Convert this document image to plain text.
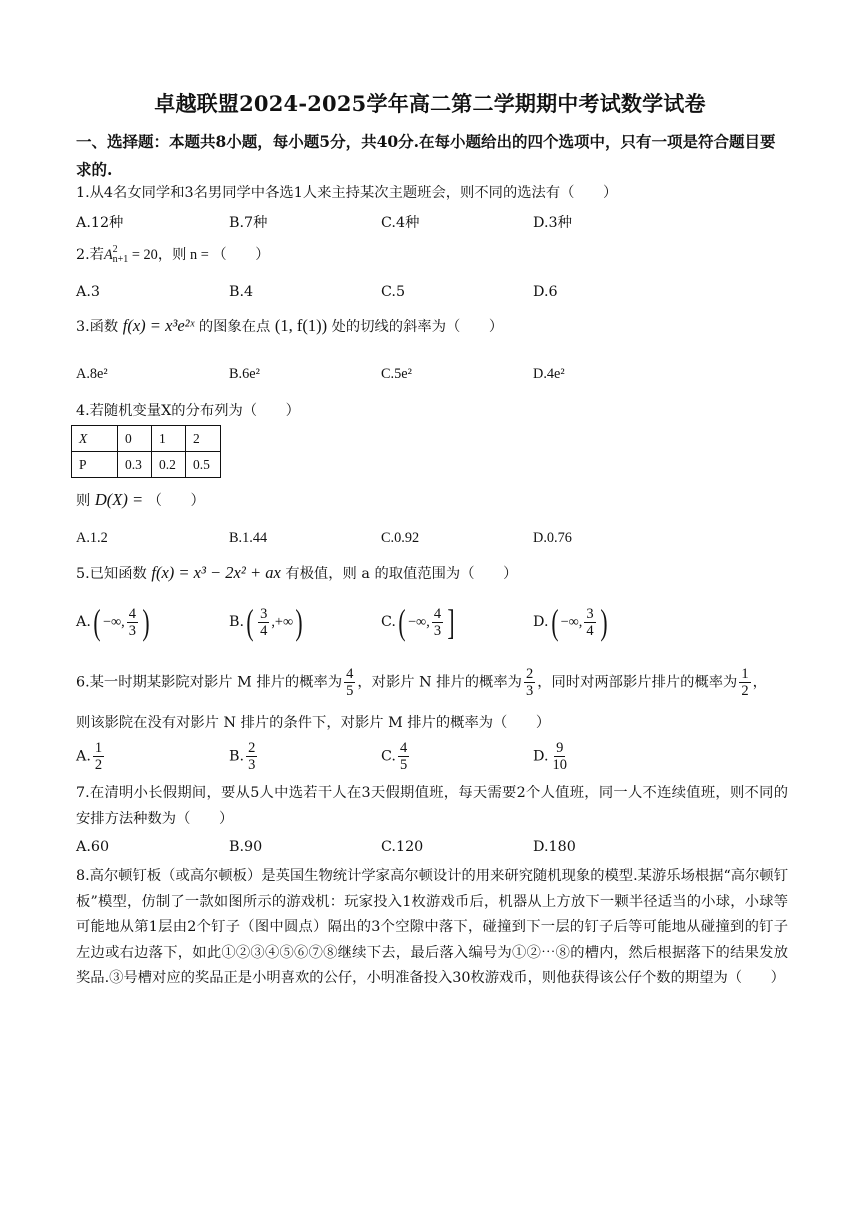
卓越联盟2024-2025学年高二第二学期期中考试数学试卷
一、选择题：本题共8小题，每小题5分，共40分.在每小题给出的四个选项中，只有一项是符合题目要求的.
1.从4名女同学和3名男同学中各选1人来主持某次主题班会，则不同的选法有（　　）
A.12种	B.7种	C.4种	D.3种
2.若A 2
n+1 = 20，则 n = （　　）
A.3	B.4	C.5	D.6
3.函数 f(x) = x³e²ˣ 的图象在点 (1, f(1)) 处的切线的斜率为（　　）
A.8e²	B.6e²	C.5e²	D.4e²
4.若随机变量X的分布列为（　　）
X	0	1	2
P	0.3	0.2	0.5
则 D(X) = （　　）
A.1.2	B.1.44	C.0.92	D.0.76
5.已知函数 f(x) = x³ − 2x² + ax 有极值，则 a 的取值范围为（　　）
A.( −∞, $\frac{4}{3}$ )	$B.( \frac{3}{4}$ ,+∞)	C.( −∞, $\frac{4}{3}$ ]	D.( −∞, $\frac{3}{4}$ )
6.某一时期某影院对影片 M 排片的概率为 $\frac{4}{5}$ ，对影片 N 排片的概率为 $\frac{2}{3}$ ，同时对两部影片排片的概率为 $\frac{1}{2}$ ，
则该影院在没有对影片 N 排片的条件下，对影片 M 排片的概率为（　　）
A. $\frac{1}{2}$	B. $\frac{2}{3}$	C. $\frac{4}{5}$	D. $\frac{9}{10}$
7.在清明小长假期间，要从5人中选若干人在3天假期值班，每天需要2个人值班，同一人不连续值班，则不同的安排方法种数为（　　）
A.60	B.90	C.120	D.180
8.高尔顿钉板（或高尔顿板）是英国生物统计学家高尔顿设计的用来研究随机现象的模型.某游乐场根据“高尔顿钉板”模型，仿制了一款如图所示的游戏机：玩家投入1枚游戏币后，机器从上方放下一颗半径适当的小球，小球等可能地从第1层由2个钉子（图中圆点）隔出的3个空隙中落下，碰撞到下一层的钉子后等可能地从碰撞到的钉子左边或右边落下，如此①②③④⑤⑥⑦⑧继续下去，最后落入编号为①②⋯⑧的槽内，然后根据落下的结果发放奖品.③号槽对应的奖品正是小明喜欢的公仔，小明准备投入30枚游戏币，则他获得该公仔个数的期望为（　　）
